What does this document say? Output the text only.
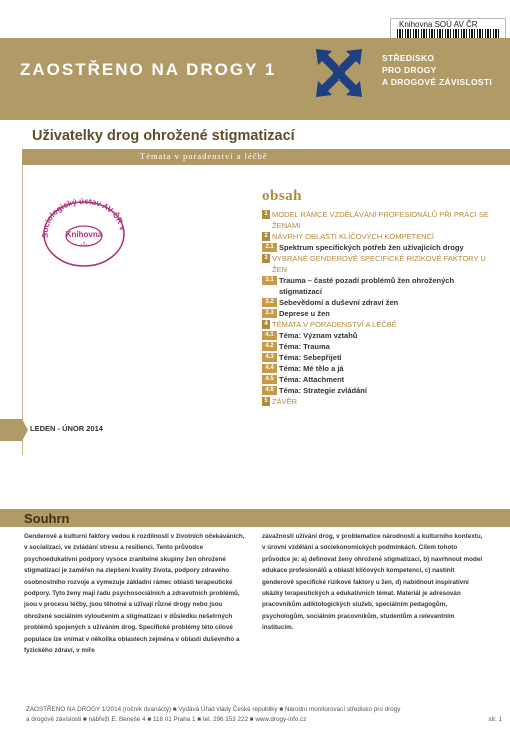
Knihovna SOÚ AV ČR
ZAOSTŘENO NA DROGY 1
STŘEDISKO
PRO DROGY
A DROGOVÉ ZÁVISLOSTI
Uživatelky drog ohrožené stigmatizací
Témata v poradenství a léčbě
Sociologický ústav AV ČR v
Knihovna
-1-
LEDEN - ÚNOR 2014
obsah
1 MODEL RÁMCE VZDĚLÁVÁNÍ PROFESIONÁLŮ PŘI PRÁCI SE ŽENAMI
2 NÁVRHY OBLASTÍ KLÍČOVÝCH KOMPETENCÍ
2.1 Spektrum specifických potřeb žen užívajících drogy
3 VYBRANÉ GENDEROVĚ SPECIFICKÉ RIZIKOVÉ FAKTORY U ŽEN
3.1 Trauma – časté pozadí problémů žen ohrožených stigmatizací
3.2 Sebevědomí a duševní zdraví žen
3.3 Deprese u žen
4 TÉMATA V PORADENSTVÍ A LÉČBĚ
4.1 Téma: Význam vztahů
4.2 Téma: Trauma
4.3 Téma: Sebepřijetí
4.4 Téma: Mé tělo a já
4.5 Téma: Attachment
4.6 Téma: Strategie zvládání
5 ZÁVĚR
Souhrn
Genderové a kulturní faktory vedou k rozdílnosti v životních očekáváních, v socializaci, ve zvládání stresu a resilienci. Tento průvodce psychoedukativní podpory vysoce zranitelné skupiny žen ohrožené stigmatizací je zaměřen na zlepšení kvality života, podpory zdravého osobnostního rozvoje a vymezuje základní rámec oblasti terapeutické podpory. Tyto ženy mají řadu psychosociálních a zdravotních problémů, jsou v procesu léčby, jsou těhotné a užívají různé drogy nebo jsou ohrožené sociálním vyloučením a stigmatizací v důsledku nešetrných problémů spojených s užíváním drog. Specifické problémy této cílové populace lze vnímat v několika oblastech zejména v oblasti duševního a fyzického zdraví, v míře
závažnosti užívání drog, v problematice národnosti a kulturního kontextu, v úrovni vzdělání a sociekonomických podmínkách. Cílem tohoto průvodce je: a) definovat ženy ohrožené stigmatizací, b) navrhnout model edukace profesionálů a oblastí klíčových kompetencí, c) nastínit genderově specifické rizikové faktory u žen, d) nabídnout inspirativní ukázky terapeutických a edukativních témat. Materiál je adresován pracovníkům adiktologických služeb, speciálním pedagogům, psychologům, sociálním pracovníkům, studentům a relevantním institucím.
ZAOSTŘENO NA DROGY 1/2014 (ročník dvanáctý) ■ Vydává Úřad vlády České republiky ■ Národní monitorovací středisko pro drogy
a drogové závislosti ■ nábřeží E. Beneše 4 ■ 118 01 Praha 1 ■ tel. 296 153 222 ■ www.drogy-info.cz	str. 1
